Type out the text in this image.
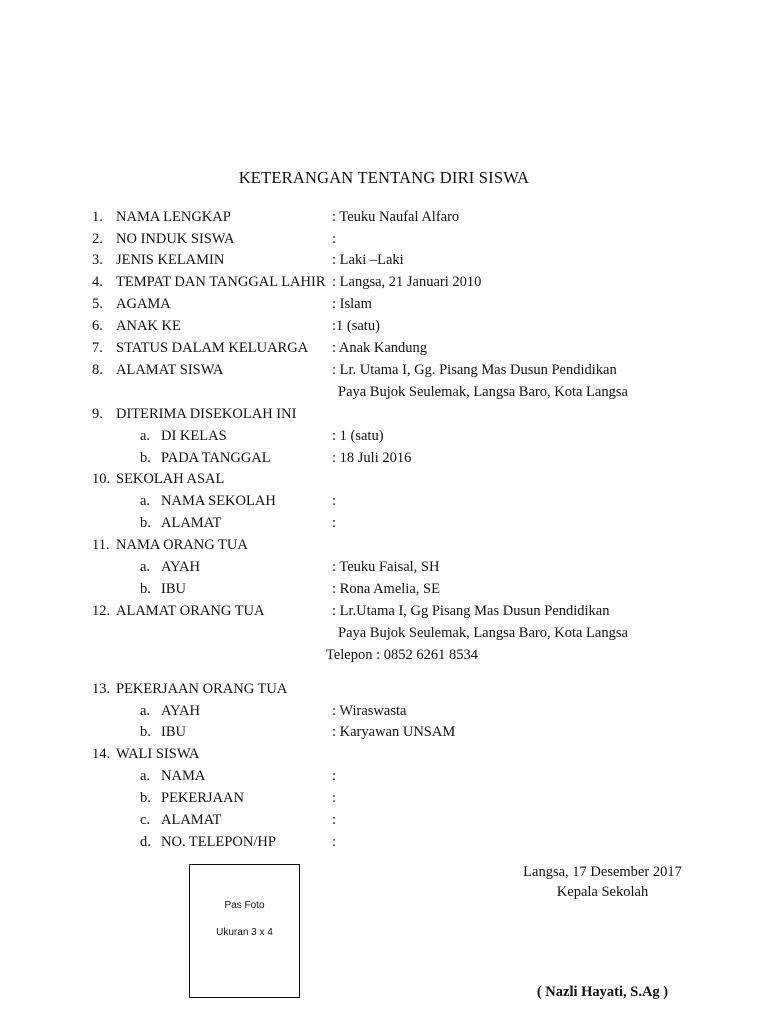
KETERANGAN TENTANG DIRI SISWA
1. NAMA LENGKAP	: Teuku Naufal Alfaro
2. NO INDUK SISWA	:
3. JENIS KELAMIN	: Laki –Laki
4. TEMPAT DAN TANGGAL LAHIR : Langsa, 21 Januari 2010
5. AGAMA	: Islam
6. ANAK KE	:1 (satu)
7. STATUS DALAM KELUARGA : Anak Kandung
8. ALAMAT SISWA	: Lr. Utama I, Gg. Pisang Mas Dusun Pendidikan
Paya Bujok Seulemak, Langsa Baro, Kota Langsa
9. DITERIMA DISEKOLAH INI
a. DI KELAS	: 1 (satu)
b. PADA TANGGAL	: 18 Juli 2016
10. SEKOLAH ASAL
a. NAMA SEKOLAH	:
b. ALAMAT	:
11. NAMA ORANG TUA
a. AYAH	: Teuku Faisal, SH
b. IBU	: Rona Amelia, SE
12. ALAMAT ORANG TUA	: Lr.Utama I, Gg Pisang Mas Dusun Pendidikan
Paya Bujok Seulemak, Langsa Baro, Kota Langsa
Telepon : 0852 6261 8534
13. PEKERJAAN ORANG TUA
a. AYAH	: Wiraswasta
b. IBU	: Karyawan UNSAM
14. WALI SISWA
a. NAMA	:
b. PEKERJAAN	:
c. ALAMAT	:
d. NO. TELEPON/HP	:
Pas Foto
Ukuran 3 x 4
Langsa, 17 Desember 2017
Kepala Sekolah
( Nazli Hayati, S.Ag )
